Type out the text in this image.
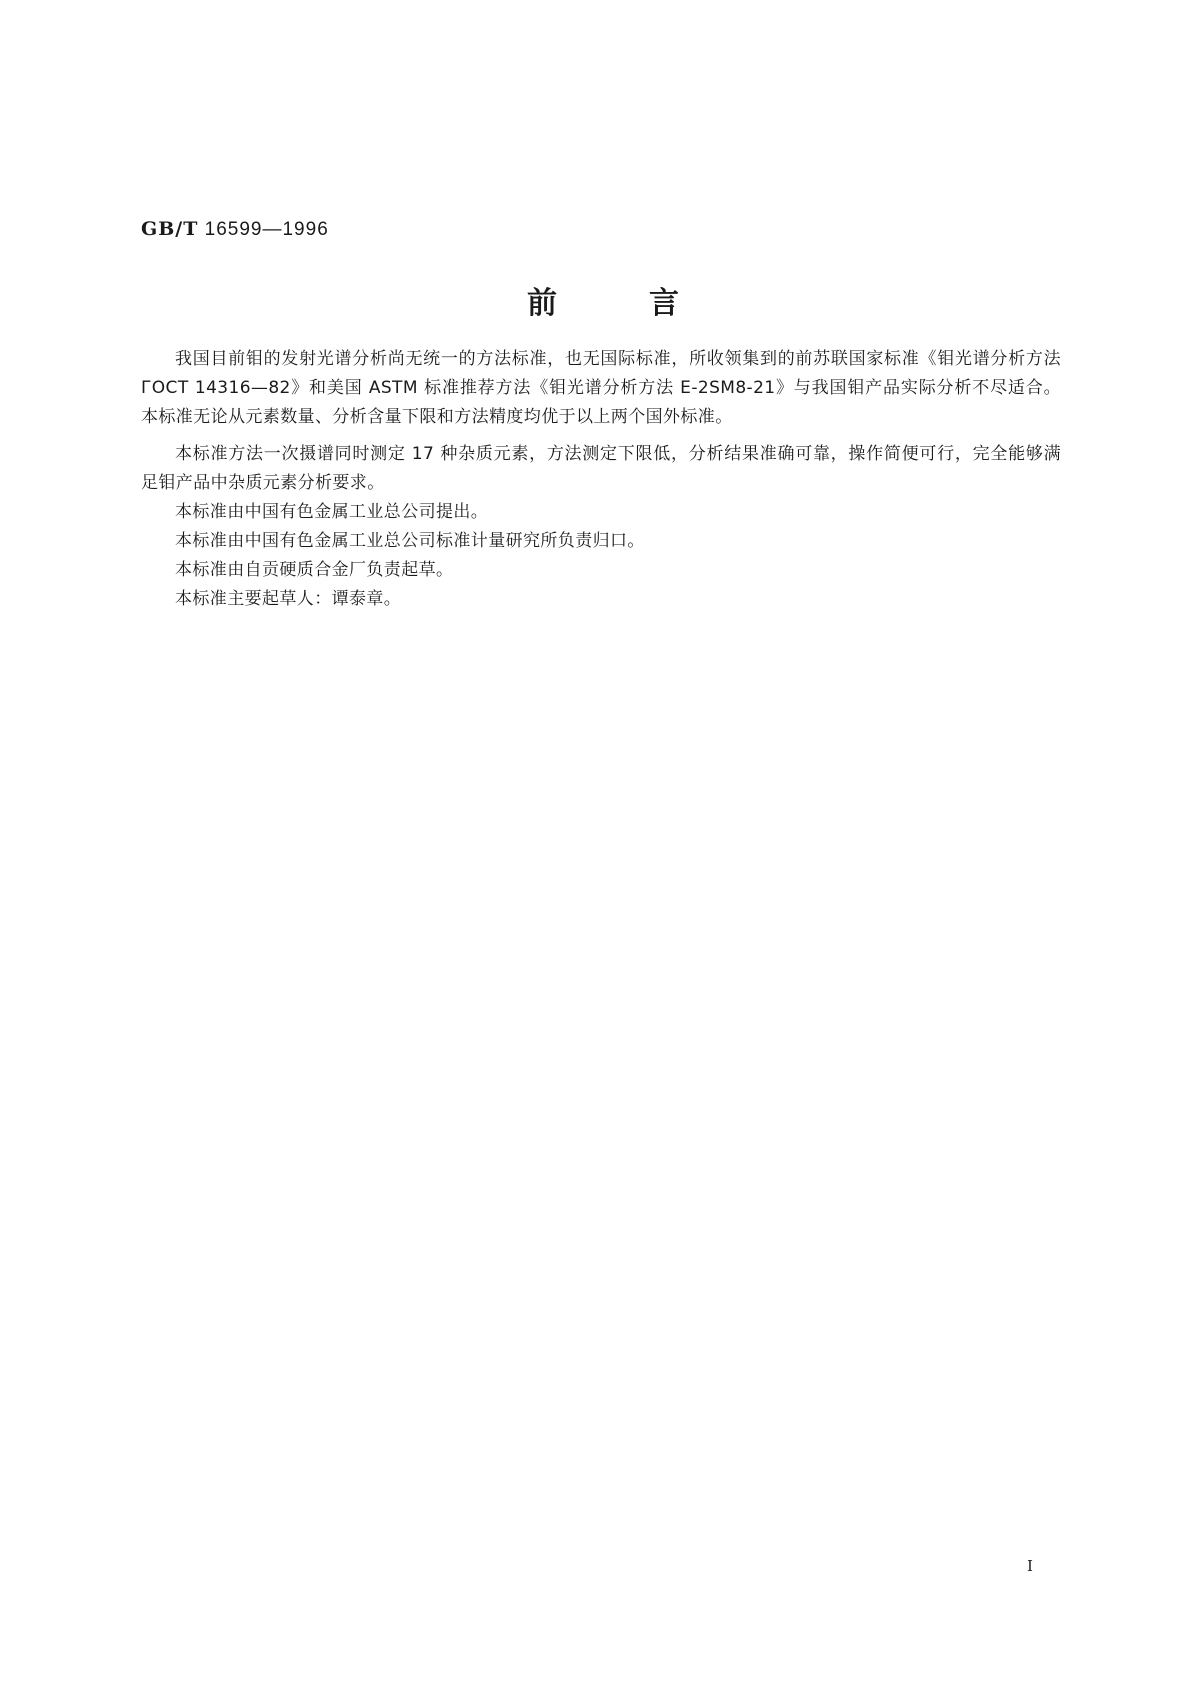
GB/T 16599—1996
前言

我国目前钼的发射光谱分析尚无统一的方法标准，也无国际标准，所收领集到的前苏联国家标准《钼光谱分析方法 ГОСТ 14316—82》和美国 ASTM 标准推荐方法《钼光谱分析方法 E-2SM8-21》与我国钼产品实际分析不尽适合。本标准无论从元素数量、分析含量下限和方法精度均优于以上两个国外标准。

本标准方法一次摄谱同时测定 17 种杂质元素，方法测定下限低，分析结果准确可靠，操作简便可行，完全能够满足钼产品中杂质元素分析要求。

本标准由中国有色金属工业总公司提出。

本标准由中国有色金属工业总公司标准计量研究所负责归口。

本标准由自贡硬质合金厂负责起草。

本标准主要起草人：谭泰章。

I
